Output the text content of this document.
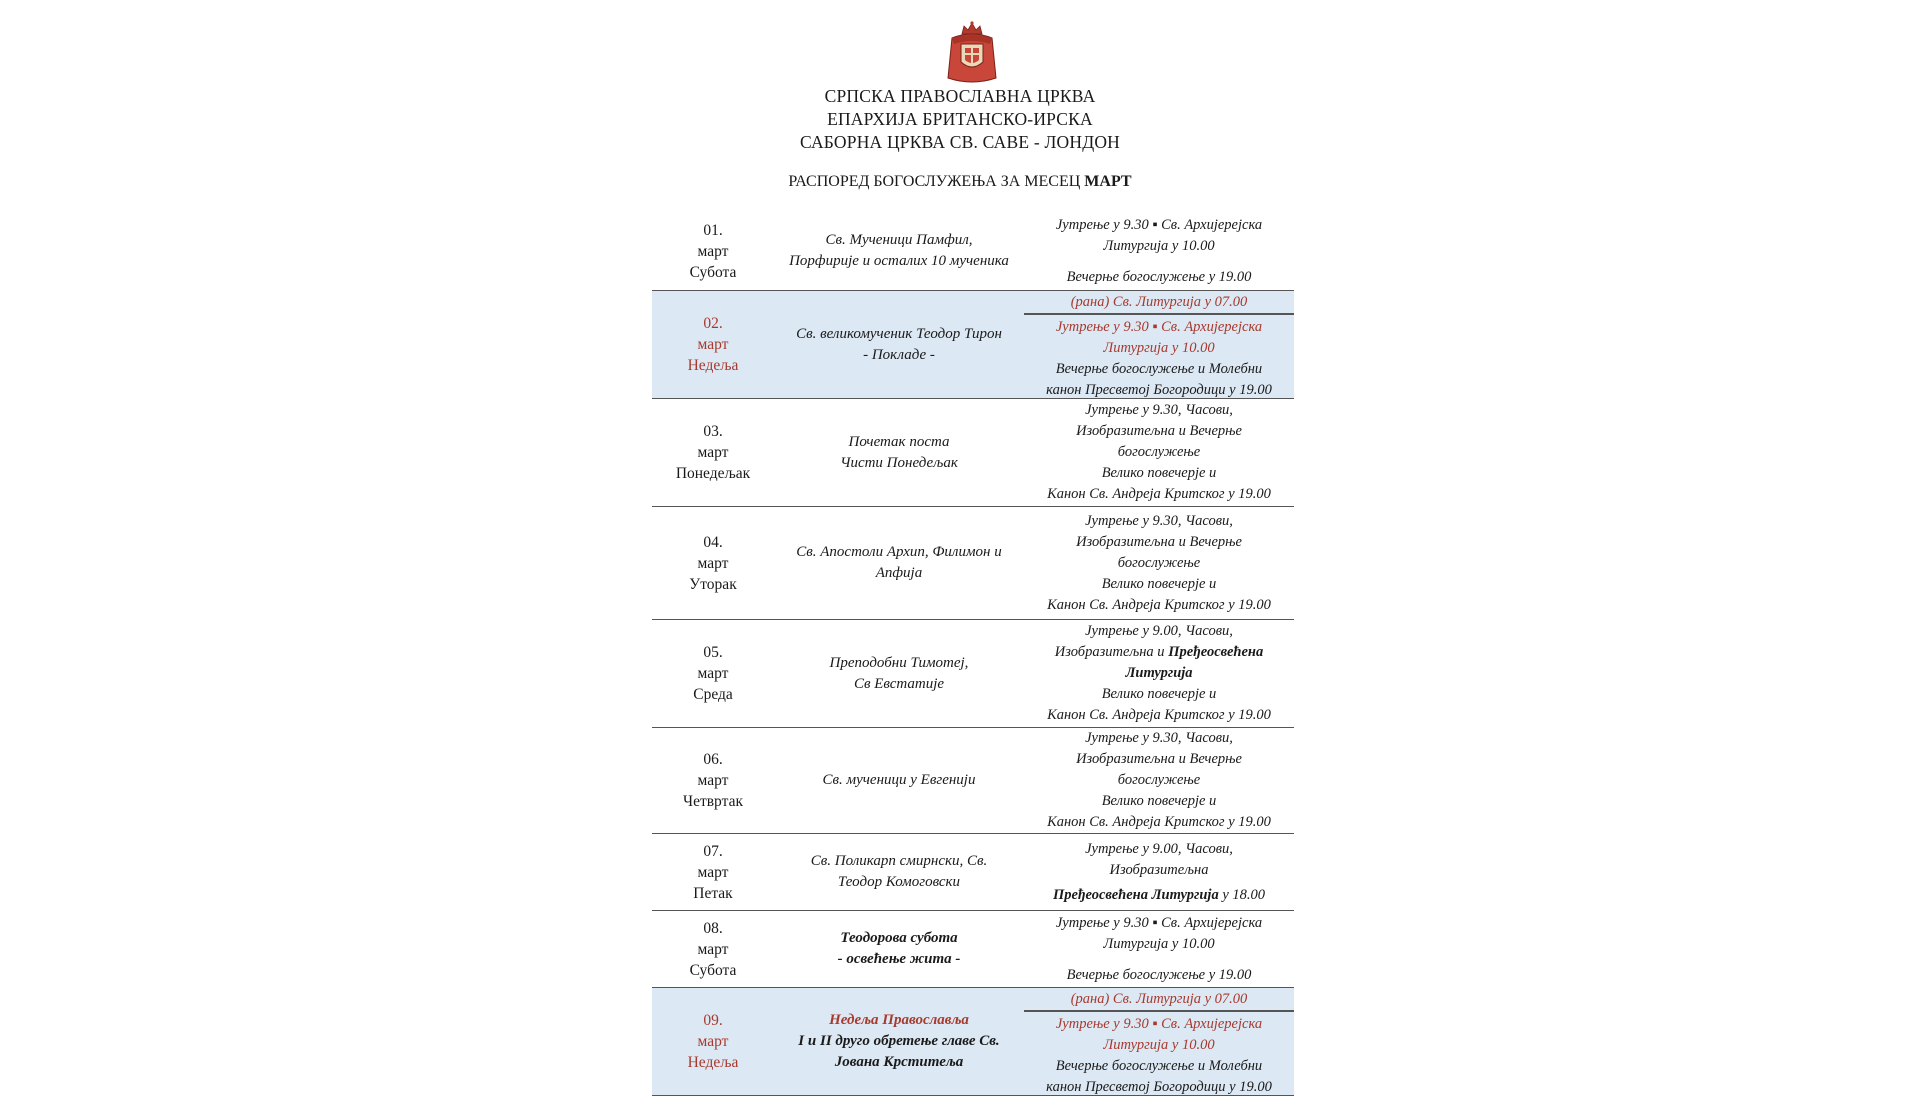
СРПСКА ПРАВОСЛАВНА ЦРКВА
ЕПАРХИЈА БРИТАНСКО-ИРСКА
САБОРНА ЦРКВА СВ. САВЕ - ЛОНДОН
РАСПОРЕД БОГОСЛУЖЕЊА ЗА МЕСЕЦ МАРТ
01.
март
Субота
Св. Мученици Памфил,
Порфирије и осталих 10 мученика
Јутрење у 9.30 ▪ Св. Архијерејска
Литургија у 10.00
Вечерње богослужење у 19.00
02.
март
Недеља
Св. великомученик Теодор Тирон
- Покладе -
(рана) Св. Литургија у 07.00
Јутрење у 9.30 ▪ Св. Архијерејска
Литургија у 10.00
Вечерње богослужење и Молебни
канон Пресветој Богородици у 19.00
03.
март
Понедељак
Почетак поста
Чисти Понедељак
Јутрење у 9.30, Часови,
Изобразитељна и Вечерње
богослужење
Велико повечерје и
Канон Св. Андреја Критског у 19.00
04.
март
Уторак
Св. Апостоли Архип, Филимон и
Апфија
Јутрење у 9.30, Часови,
Изобразитељна и Вечерње
богослужење
Велико повечерје и
Канон Св. Андреја Критског у 19.00
05.
март
Среда
Преподобни Тимотеј,
Св Евстатије
Јутрење у 9.00, Часови,
Изобразитељна и Пређеосвећена
Литургија
Велико повечерје и
Канон Св. Андреја Критског у 19.00
06.
март
Четвртак
Св. мученици у Евгенији
Јутрење у 9.30, Часови,
Изобразитељна и Вечерње
богослужење
Велико повечерје и
Канон Св. Андреја Критског у 19.00
07.
март
Петак
Св. Поликарп смирнски, Св.
Теодор Комоговски
Јутрење у 9.00, Часови,
Изобразитељна
Пређеосвећена Литургија у 18.00
08.
март
Субота
Теодорова субота
- освећење жита -
Јутрење у 9.30 ▪ Св. Архијерејска
Литургија у 10.00
Вечерње богослужење у 19.00
09.
март
Недеља
Недеља Православља
I и II друго обретење главе Св.
Јована Крститеља
(рана) Св. Литургија у 07.00
Јутрење у 9.30 ▪ Св. Архијерејска
Литургија у 10.00
Вечерње богослужење и Молебни
канон Пресветој Богородици у 19.00
